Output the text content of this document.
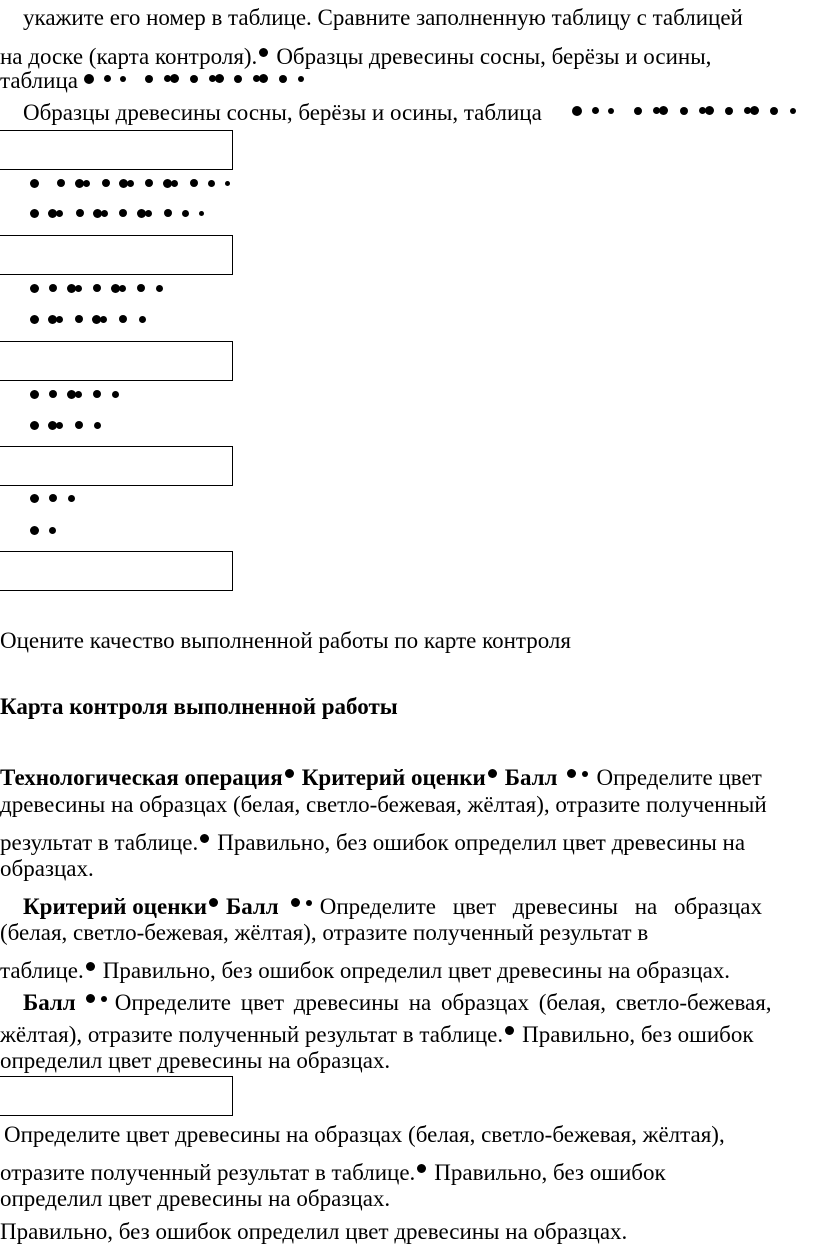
укажите его номер в таблице. Сравните заполненную таблицу с таблицей
на доске (карта контроля). Образцы древесины сосны, берёзы и осины,
таблица
Образцы древесины сосны, берёзы и осины, таблица
Оцените качество выполненной работы по карте контроля
Карта контроля выполненной работы
Технологическая операция Критерий оценки Балл Определите цвет
древесины на образцах (белая, светло-бежевая, жёлтая), отразите полученный
результат в таблице. Правильно, без ошибок определил цвет древесины на
образцах.
Критерий оценки Балл Определите цвет древесины на образцах
(белая, светло-бежевая, жёлтая), отразите полученный результат в
таблице. Правильно, без ошибок определил цвет древесины на образцах.
Балл Определите цвет древесины на образцах (белая, светло-бежевая,
жёлтая), отразите полученный результат в таблице. Правильно, без ошибок
определил цвет древесины на образцах.
Определите цвет древесины на образцах (белая, светло-бежевая, жёлтая),
отразите полученный результат в таблице. Правильно, без ошибок
определил цвет древесины на образцах.
Правильно, без ошибок определил цвет древесины на образцах.
